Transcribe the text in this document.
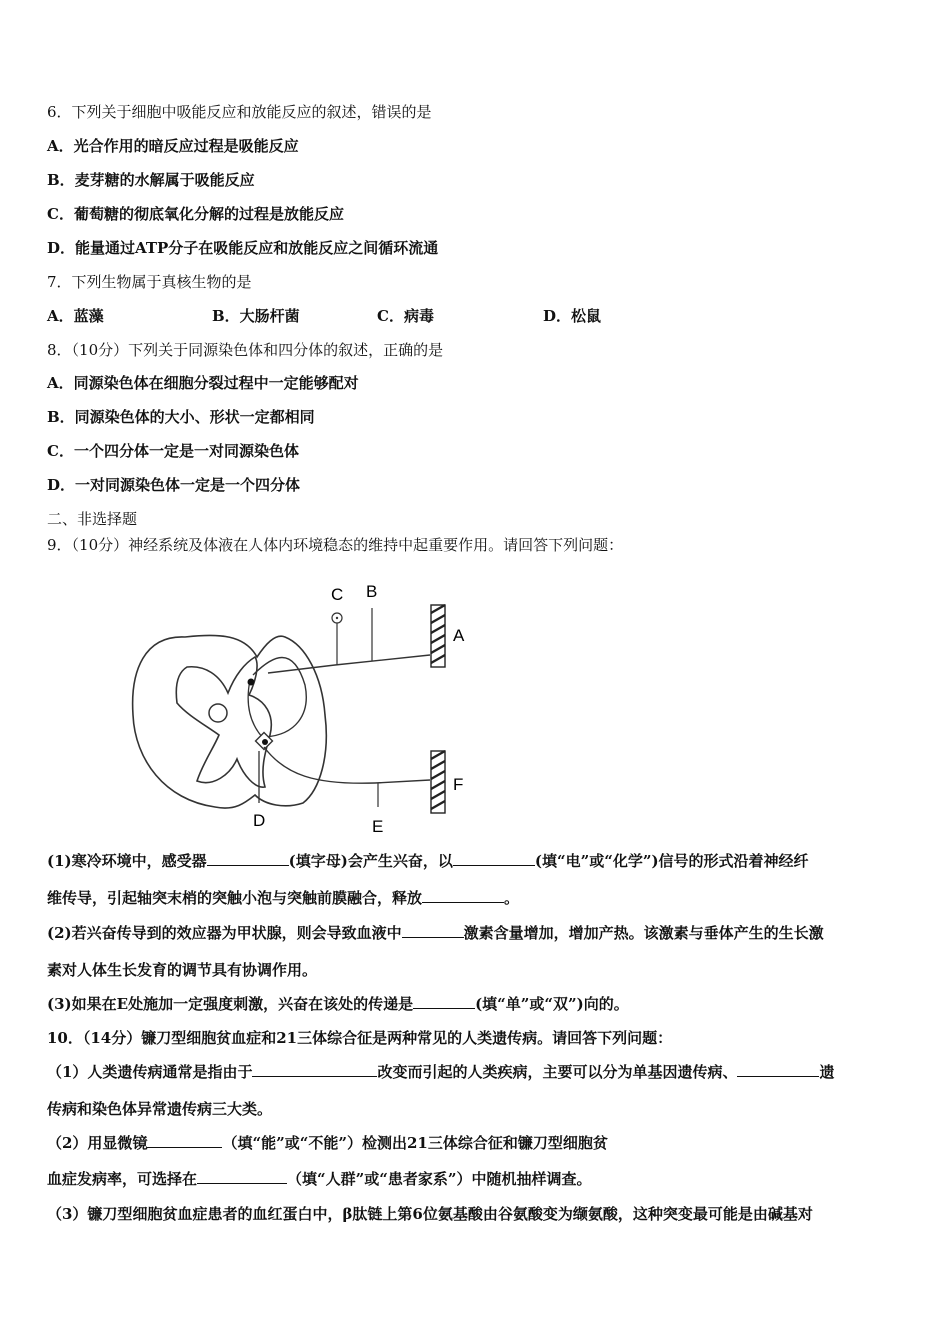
6．下列关于细胞中吸能反应和放能反应的叙述，错误的是
A．光合作用的暗反应过程是吸能反应
B．麦芽糖的水解属于吸能反应
C．葡萄糖的彻底氧化分解的过程是放能反应
D．能量通过ATP分子在吸能反应和放能反应之间循环流通
7．下列生物属于真核生物的是
A．蓝藻	B．大肠杆菌	C．病毒	D．松鼠
8．（10分）下列关于同源染色体和四分体的叙述，正确的是
A．同源染色体在细胞分裂过程中一定能够配对
B．同源染色体的大小、形状一定都相同
C．一个四分体一定是一对同源染色体
D．一对同源染色体一定是一个四分体
二、非选择题
9．（10分）神经系统及体液在人体内环境稳态的维持中起重要作用。请回答下列问题：
C B
A
F
D	E
(1)寒冷环境中，感受器	(填字母)会产生兴奋，以	(填“电”或“化学”)信号的形式沿着神经纤
维传导，引起轴突末梢的突触小泡与突触前膜融合，释放	。
(2)若兴奋传导到的效应器为甲状腺，则会导致血液中	激素含量增加，增加产热。该激素与垂体产生的生长激
素对人体生长发育的调节具有协调作用。
(3)如果在E处施加一定强度刺激，兴奋在该处的传递是	(填“单”或“双”)向的。
10．（14分）镰刀型细胞贫血症和21三体综合征是两种常见的人类遗传病。请回答下列问题：
（1）人类遗传病通常是指由于	改变而引起的人类疾病，主要可以分为单基因遗传病、	遗
传病和染色体异常遗传病三大类。
（2）用显微镜	（填“能”或“不能”）检测出21三体综合征和镰刀型细胞贫
血症发病率，可选择在	（填“人群”或“患者家系”）中随机抽样调查。
（3）镰刀型细胞贫血症患者的血红蛋白中，β肽链上第6位氨基酸由谷氨酸变为缬氨酸，这种突变最可能是由碱基对
